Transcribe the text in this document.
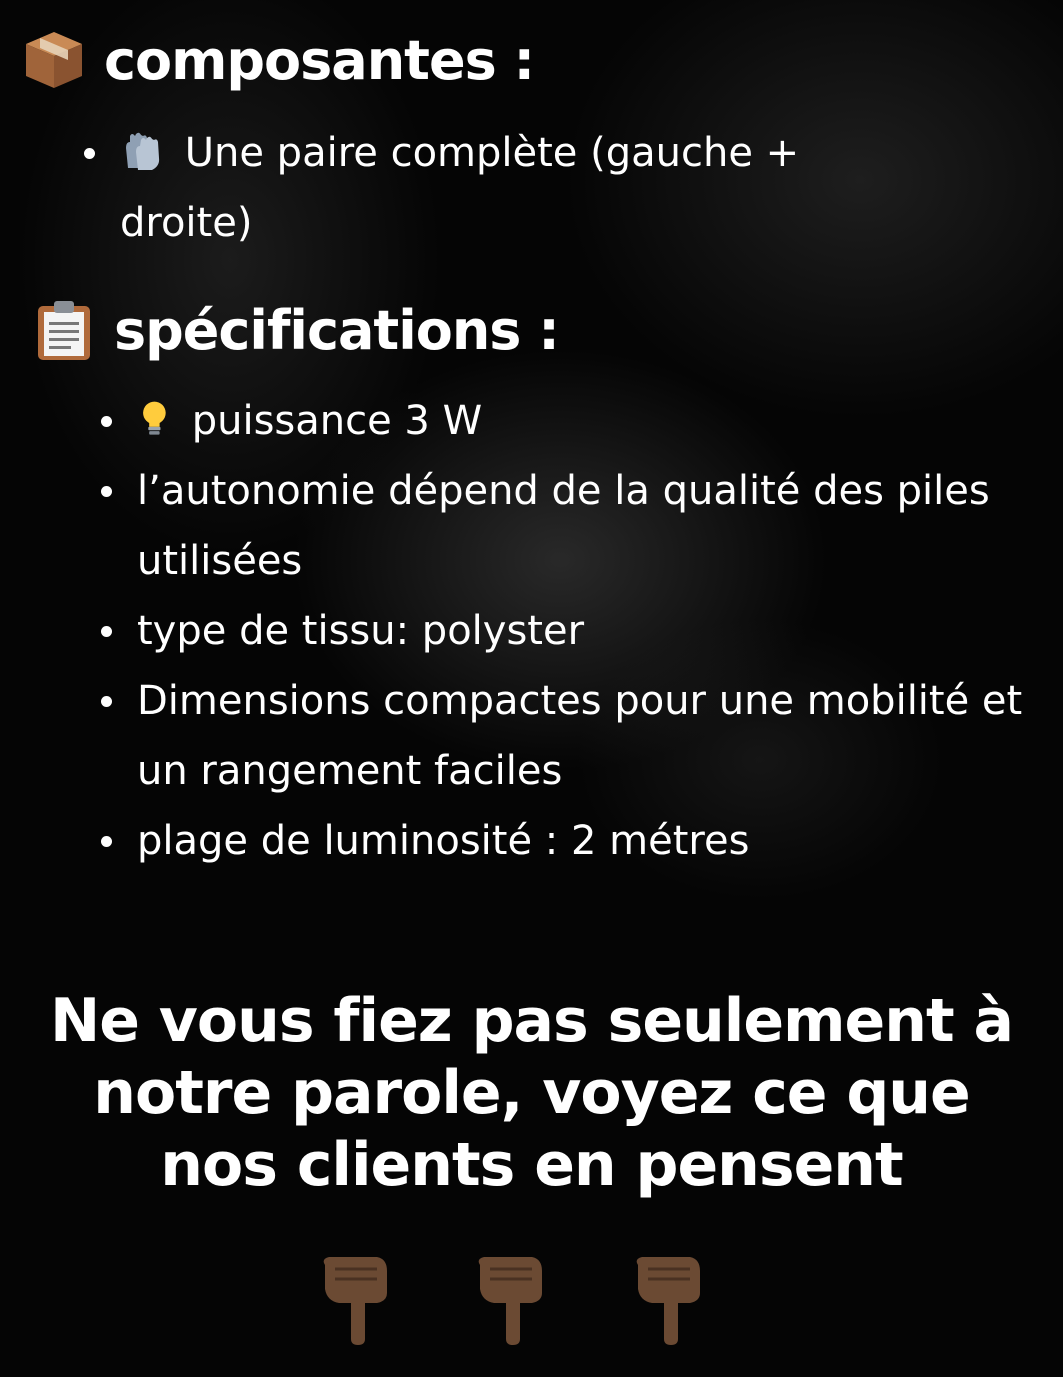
composantes :
Une paire complète (gauche + droite)
spécifications :
puissance 3 W
l’autonomie dépend de la qualité des piles utilisées
type de tissu: polyster
Dimensions compactes pour une mobilité et un rangement faciles
plage de luminosité : 2 métres
Ne vous fiez pas seulement à notre parole, voyez ce que nos clients en pensent
